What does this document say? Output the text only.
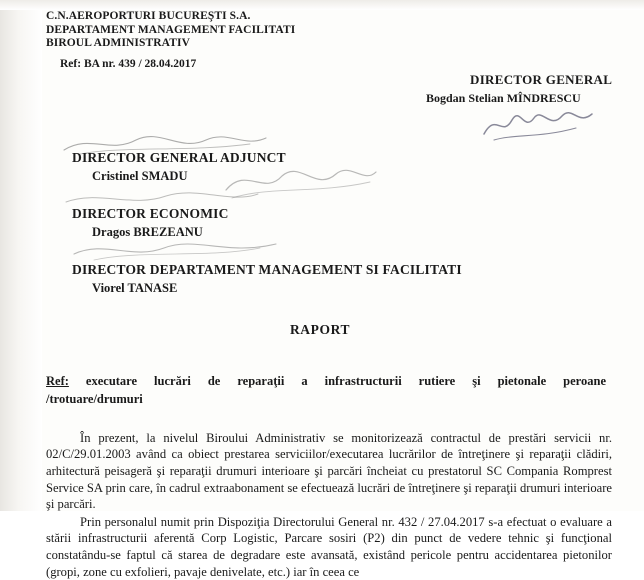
C.N.AEROPORTURI BUCUREŞTI S.A.
DEPARTAMENT MANAGEMENT FACILITATI
BIROUL ADMINISTRATIV
Ref: BA nr. 439 / 28.04.2017
DIRECTOR GENERAL
Bogdan Stelian MÎNDRESCU
DIRECTOR GENERAL ADJUNCT
Cristinel SMADU
DIRECTOR ECONOMIC
Dragos BREZEANU
DIRECTOR DEPARTAMENT MANAGEMENT SI FACILITATI
Viorel TANASE
RAPORT
Ref: executare lucrări de reparaţii a infrastructurii rutiere şi pietonale peroane
/trotuare/drumuri

În prezent, la nivelul Biroului Administrativ se monitorizează contractul de prestări servicii nr. 02/C/29.01.2003 având ca obiect prestarea serviciilor/executarea lucrărilor de întreţinere şi reparaţii clădiri, arhitectură peisageră şi reparaţii drumuri interioare şi parcări încheiat cu prestatorul SC Compania Romprest Service SA prin care, în cadrul extraabonament se efectuează lucrări de întreţinere şi reparaţii drumuri interioare şi parcări.

Prin personalul numit prin Dispoziţia Directorului General nr. 432 / 27.04.2017 s-a efectuat o evaluare a stării infrastructurii aferentă Corp Logistic, Parcare sosiri (P2) din punct de vedere tehnic şi funcţional constatându-se faptul că starea de degradare este avansată, existând pericole pentru accidentarea pietonilor (gropi, zone cu exfolieri, pavaje denivelate, etc.) iar în ceea ce
